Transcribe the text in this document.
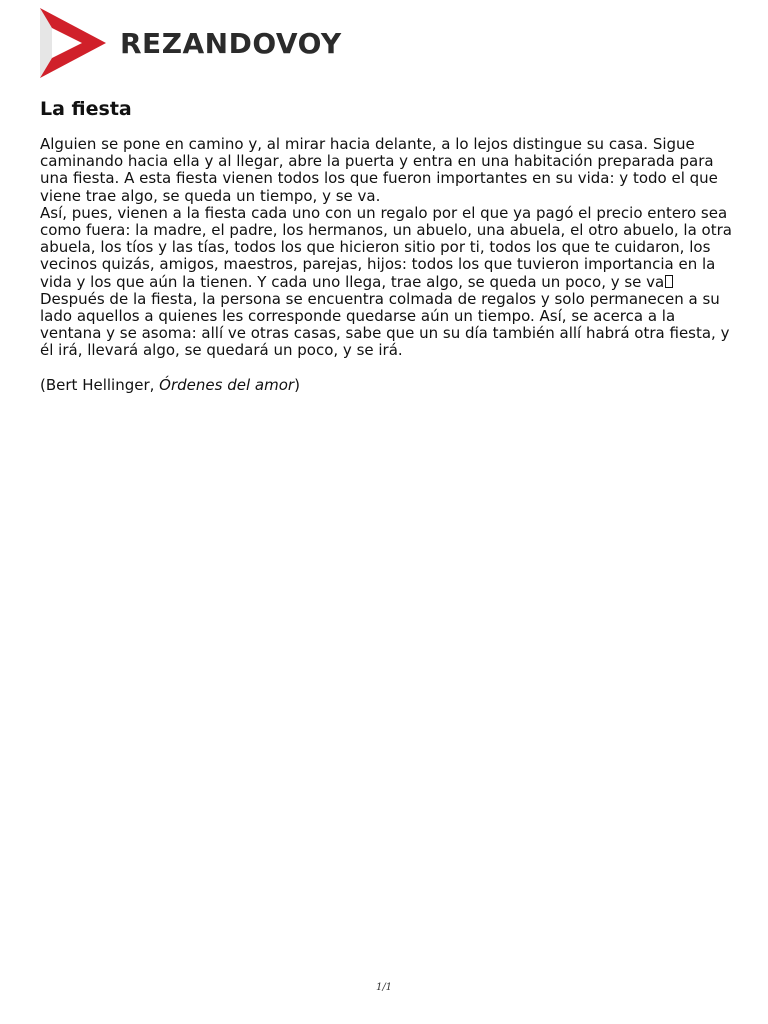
REZANDOVOY
La fiesta

Alguien se pone en camino y, al mirar hacia delante, a lo lejos distingue su casa. Sigue caminando hacia ella y al llegar, abre la puerta y entra en una habitación preparada para una fiesta. A esta fiesta vienen todos los que fueron importantes en su vida: y todo el que viene trae algo, se queda un tiempo, y se va.

Así, pues, vienen a la fiesta cada uno con un regalo por el que ya pagó el precio entero sea como fuera: la madre, el padre, los hermanos, un abuelo, una abuela, el otro abuelo, la otra abuela, los tíos y las tías, todos los que hicieron sitio por ti, todos los que te cuidaron, los vecinos quizás, amigos, maestros, parejas, hijos: todos los que tuvieron importancia en la vida y los que aún la tienen. Y cada uno llega, trae algo, se queda un poco, y se va

Después de la fiesta, la persona se encuentra colmada de regalos y solo permanecen a su lado aquellos a quienes les corresponde quedarse aún un tiempo. Así, se acerca a la ventana y se asoma: allí ve otras casas, sabe que un su día también allí habrá otra fiesta, y él irá, llevará algo, se quedará un poco, y se irá.

(Bert Hellinger, Órdenes del amor)

1/1
